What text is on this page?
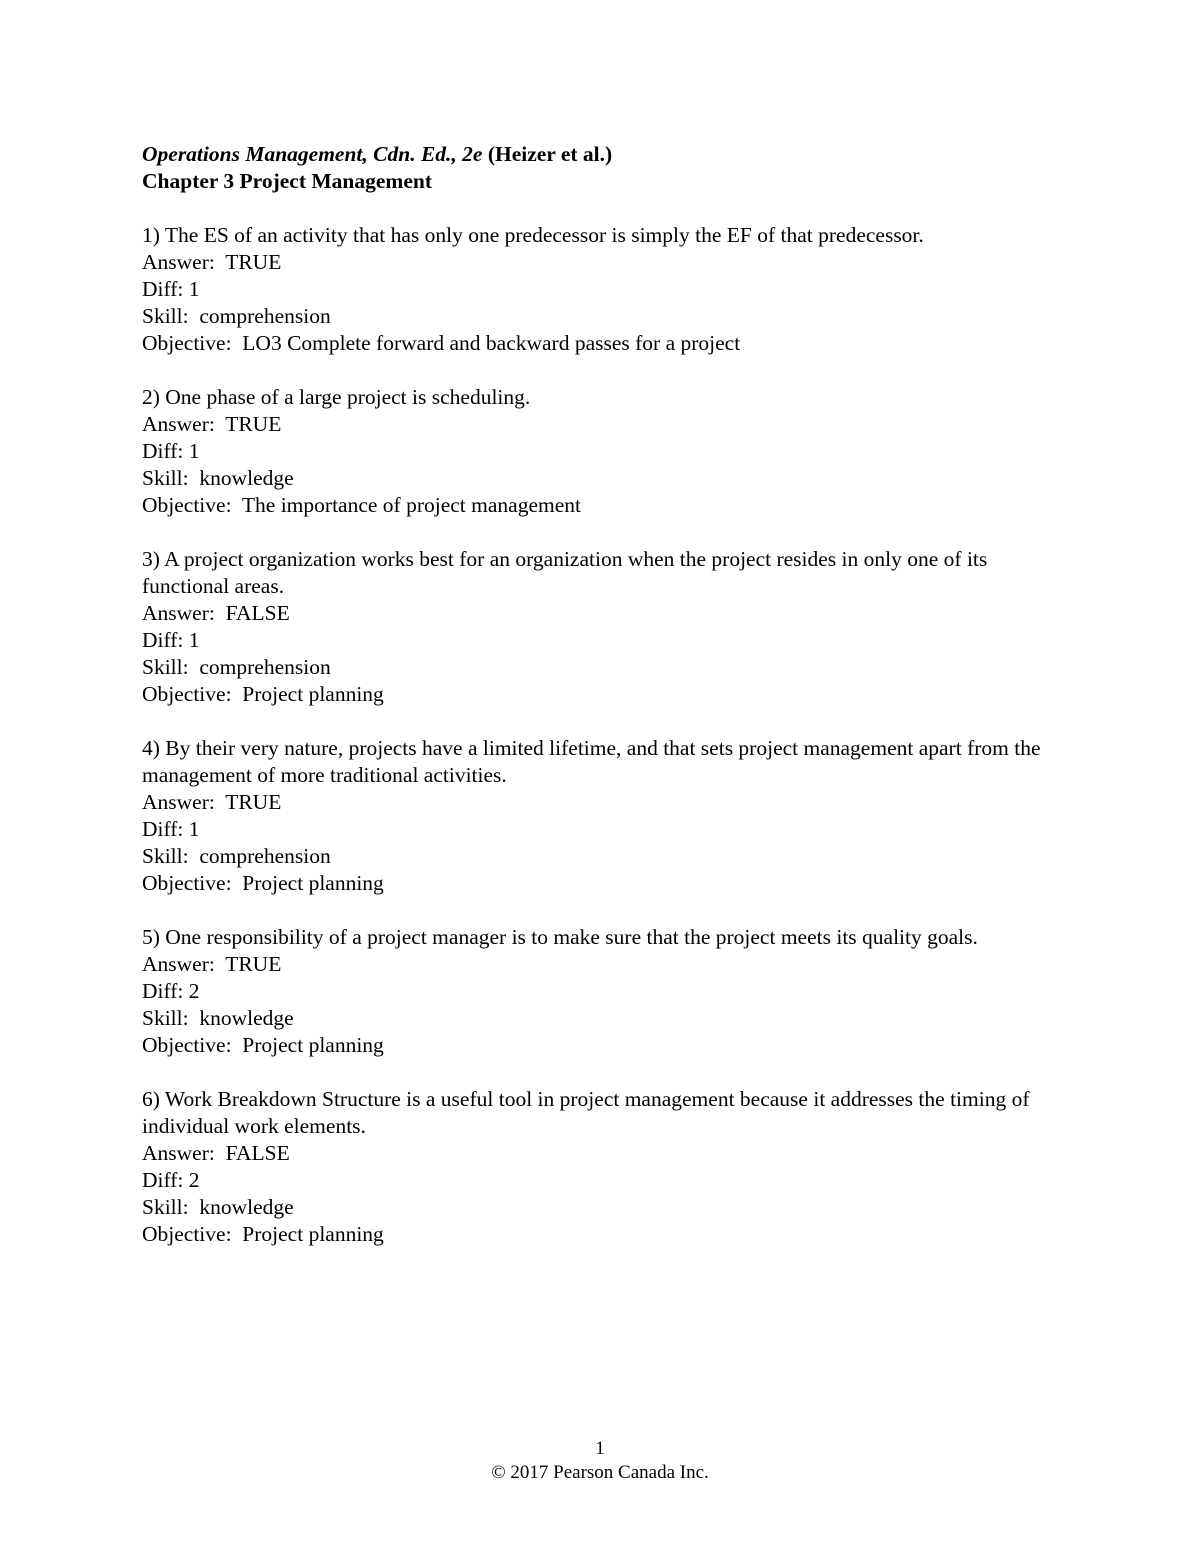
Operations Management, Cdn. Ed., 2e (Heizer et al.)
Chapter 3 Project Management
1) The ES of an activity that has only one predecessor is simply the EF of that predecessor.
Answer:  TRUE
Diff: 1
Skill:  comprehension
Objective:  LO3 Complete forward and backward passes for a project
2) One phase of a large project is scheduling.
Answer:  TRUE
Diff: 1
Skill:  knowledge
Objective:  The importance of project management
3) A project organization works best for an organization when the project resides in only one of its functional areas.
Answer:  FALSE
Diff: 1
Skill:  comprehension
Objective:  Project planning
4) By their very nature, projects have a limited lifetime, and that sets project management apart from the management of more traditional activities.
Answer:  TRUE
Diff: 1
Skill:  comprehension
Objective:  Project planning
5) One responsibility of a project manager is to make sure that the project meets its quality goals.
Answer:  TRUE
Diff: 2
Skill:  knowledge
Objective:  Project planning
6) Work Breakdown Structure is a useful tool in project management because it addresses the timing of individual work elements.
Answer:  FALSE
Diff: 2
Skill:  knowledge
Objective:  Project planning
1
© 2017 Pearson Canada Inc.
